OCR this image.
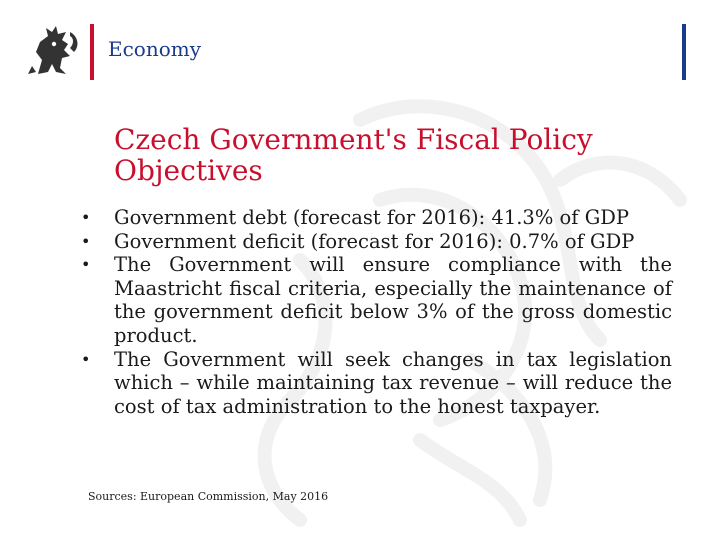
Economy
Czech Government's Fiscal Policy Objectives
• Government debt (forecast for 2016): 41.3% of GDP
• Government deficit (forecast for 2016): 0.7% of GDP
• The Government will ensure compliance with the Maastricht fiscal criteria, especially the maintenance of the government deficit below 3% of the gross domestic product.
• The Government will seek changes in tax legislation which – while maintaining tax revenue – will reduce the cost of tax administration to the honest taxpayer.
Sources: European Commission, May 2016
